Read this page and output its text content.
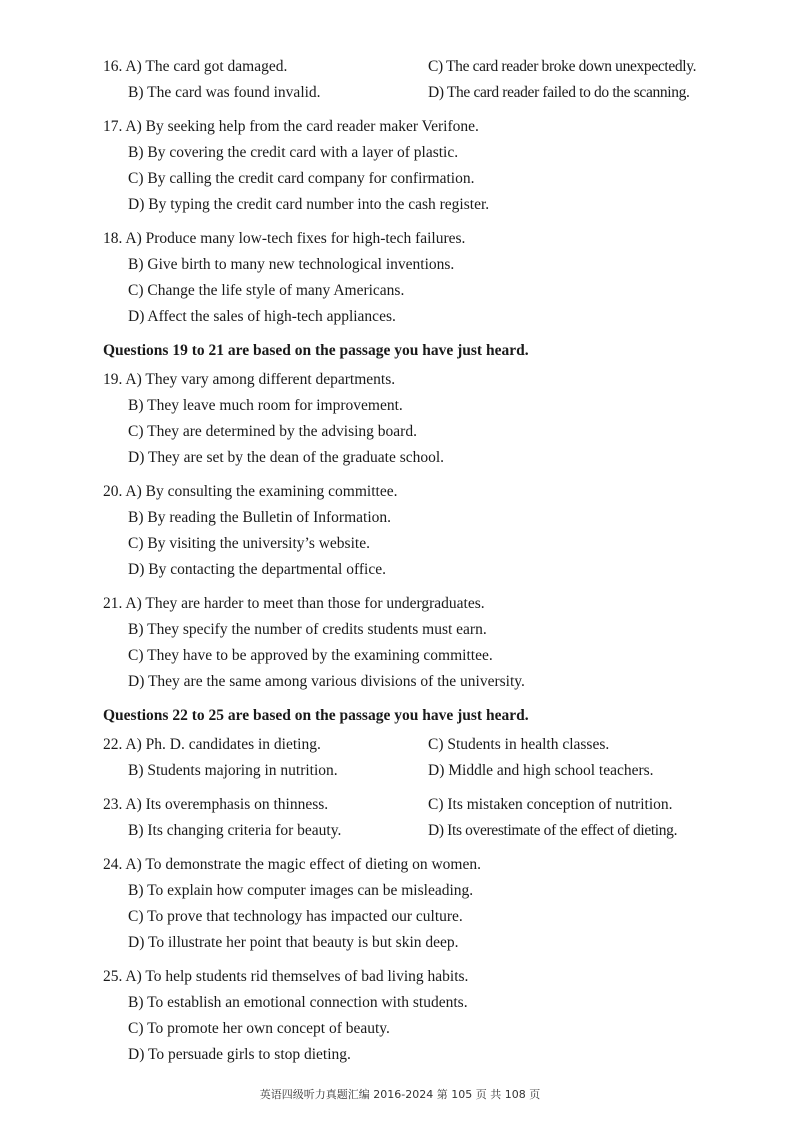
16. A) The card got damaged.	C) The card reader broke down unexpectedly.
B) The card was found invalid.	D) The card reader failed to do the scanning.
17. A) By seeking help from the card reader maker Verifone.
B) By covering the credit card with a layer of plastic.
C) By calling the credit card company for confirmation.
D) By typing the credit card number into the cash register.
18. A) Produce many low-tech fixes for high-tech failures.
B) Give birth to many new technological inventions.
C) Change the life style of many Americans.
D) Affect the sales of high-tech appliances.
Questions 19 to 21 are based on the passage you have just heard.
19. A) They vary among different departments.
B) They leave much room for improvement.
C) They are determined by the advising board.
D) They are set by the dean of the graduate school.
20. A) By consulting the examining committee.
B) By reading the Bulletin of Information.
C) By visiting the university’s website.
D) By contacting the departmental office.
21. A) They are harder to meet than those for undergraduates.
B) They specify the number of credits students must earn.
C) They have to be approved by the examining committee.
D) They are the same among various divisions of the university.
Questions 22 to 25 are based on the passage you have just heard.
22. A) Ph. D. candidates in dieting.	C) Students in health classes.
B) Students majoring in nutrition.	D) Middle and high school teachers.
23. A) Its overemphasis on thinness.	C) Its mistaken conception of nutrition.
B) Its changing criteria for beauty.	D) Its overestimate of the effect of dieting.
24. A) To demonstrate the magic effect of dieting on women.
B) To explain how computer images can be misleading.
C) To prove that technology has impacted our culture.
D) To illustrate her point that beauty is but skin deep.
25. A) To help students rid themselves of bad living habits.
B) To establish an emotional connection with students.
C) To promote her own concept of beauty.
D) To persuade girls to stop dieting.
英语四级听力真题汇编 2016-2024 第 105 页 共 108 页
